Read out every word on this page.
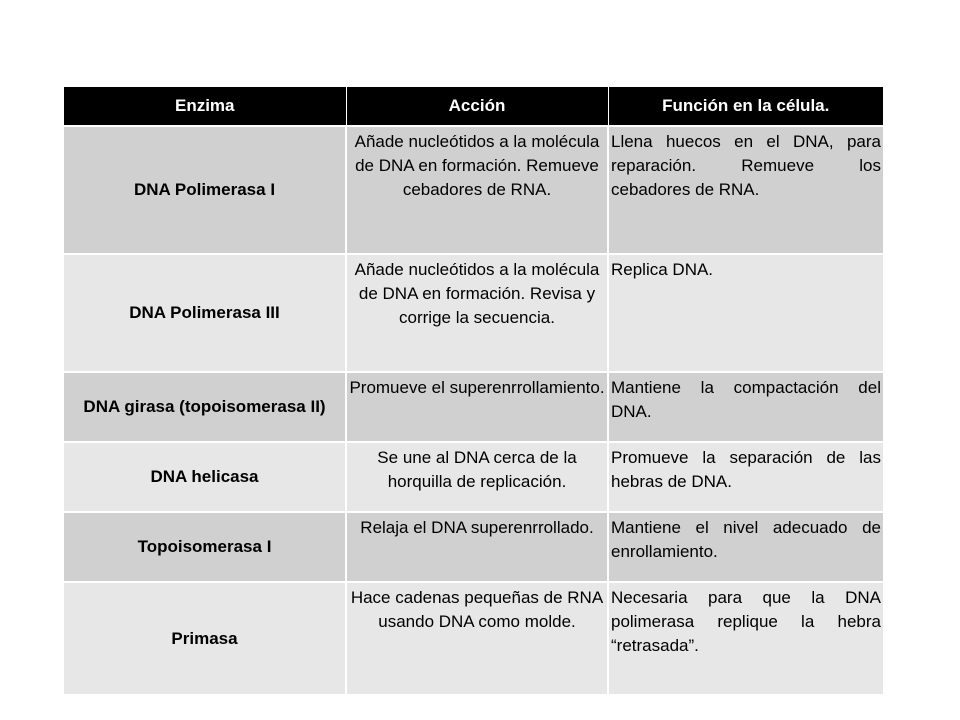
Enzima	Acción	Función en la célula.
DNA Polimerasa I	Añade nucleótidos a la molécula de DNA en formación. Remueve cebadores de RNA.	Llena huecos en el DNA, para reparación. Remueve los cebadores de RNA.
DNA Polimerasa III	Añade nucleótidos a la molécula de DNA en formación. Revisa y corrige la secuencia.	Replica DNA.
DNA girasa (topoisomerasa II)	Promueve el superenrrollamiento.	Mantiene la compactación del DNA.
DNA helicasa	Se une al DNA cerca de la horquilla de replicación.	Promueve la separación de las hebras de DNA.
Topoisomerasa I	Relaja el DNA superenrrollado.	Mantiene el nivel adecuado de enrollamiento.
Primasa	Hace cadenas pequeñas de RNA usando DNA como molde.	Necesaria para que la DNA polimerasa replique la hebra “retrasada”.
